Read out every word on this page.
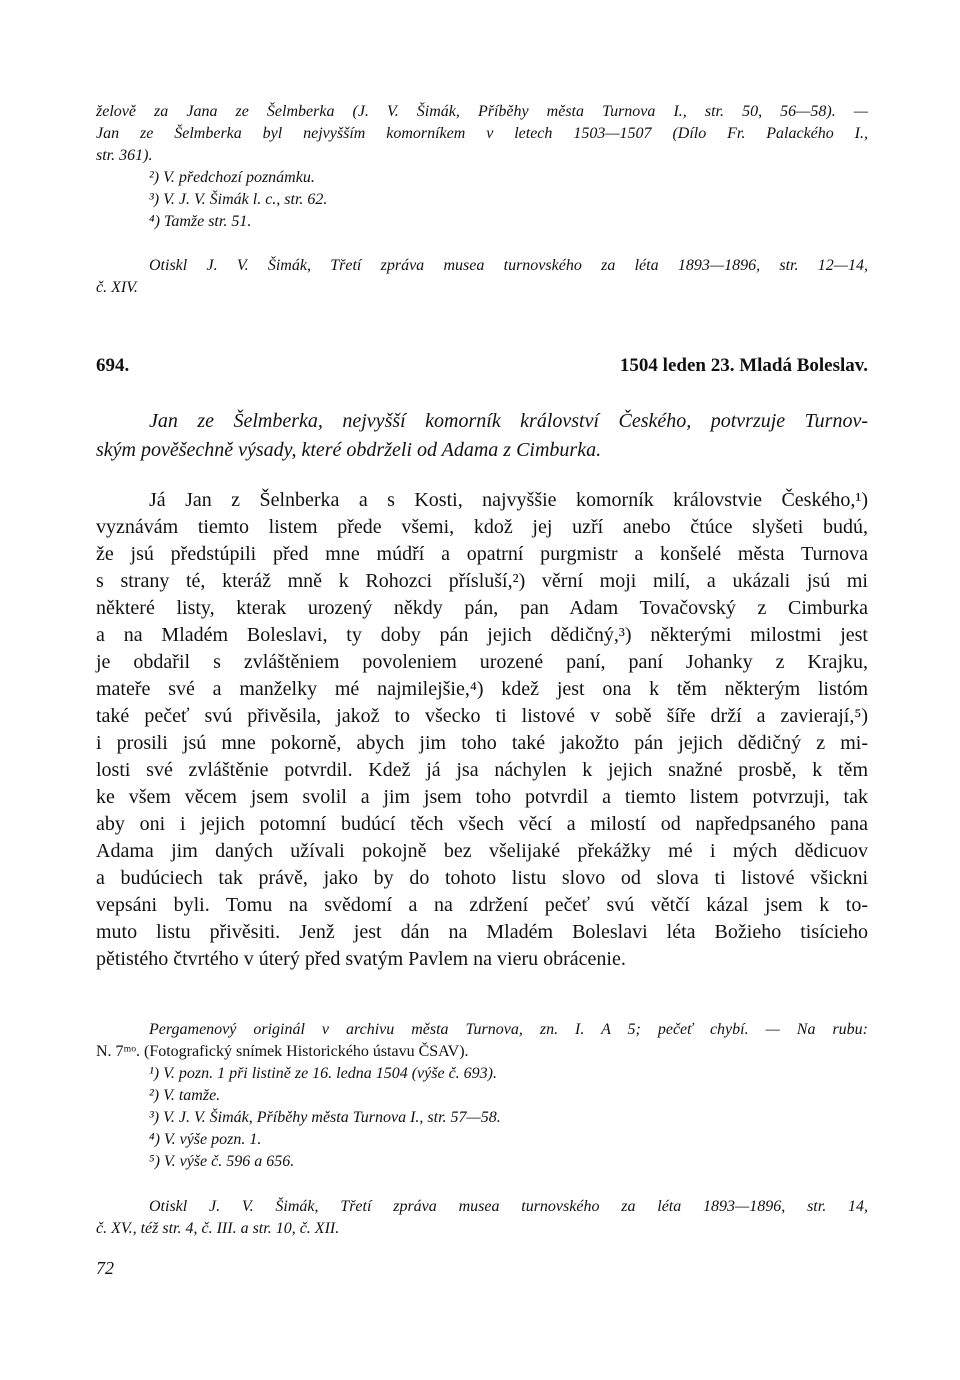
želově za Jana ze Šelmberka (J. V. Šimák, Příběhy města Turnova I., str. 50, 56—58). —
Jan ze Šelmberka byl nejvyšším komorníkem v letech 1503—1507 (Dílo Fr. Palackého I.,
str. 361).
²) V. předchozí poznámku.
³) V. J. V. Šimák l. c., str. 62.
⁴) Tamže str. 51.
Otiskl J. V. Šimák, Třetí zpráva musea turnovského za léta 1893—1896, str. 12—14,
č. XIV.
694.	1504 leden 23. Mladá Boleslav.
Jan ze Šelmberka, nejvyšší komorník království Českého, potvrzuje Turnov-
ským pověšechně výsady, které obdrželi od Adama z Cimburka.
Já Jan z Šelnberka a s Kosti, najvyššie komorník královstvie Českého,¹)
vyznávám tiemto listem přede všemi, kdož jej uzří anebo čtúce slyšeti budú,
že jsú předstúpili před mne múdří a opatrní purgmistr a konšelé města Turnova
s strany té, kteráž mně k Rohozci přísluší,²) věrní moji milí, a ukázali jsú mi
některé listy, kterak urozený někdy pán, pan Adam Tovačovský z Cimburka
a na Mladém Boleslavi, ty doby pán jejich dědičný,³) některými milostmi jest
je obdařil s zvláštěniem povoleniem urozené paní, paní Johanky z Krajku,
mateře své a manželky mé najmilejšie,⁴) kdež jest ona k těm některým listóm
také pečeť svú přivěsila, jakož to všecko ti listové v sobě šíře drží a zavierají,⁵)
i prosili jsú mne pokorně, abych jim toho také jakožto pán jejich dědičný z mi-
losti své zvláštěnie potvrdil. Kdež já jsa náchylen k jejich snažné prosbě, k těm
ke všem věcem jsem svolil a jim jsem toho potvrdil a tiemto listem potvrzuji, tak
aby oni i jejich potomní budúcí těch všech věcí a milostí od napředpsaného pana
Adama jim daných užívali pokojně bez všelijaké překážky mé i mých dědicuov
a budúciech tak právě, jako by do tohoto listu slovo od slova ti listové všickni
vepsáni byli. Tomu na svědomí a na zdržení pečeť svú větčí kázal jsem k to-
muto listu přivěsiti. Jenž jest dán na Mladém Boleslavi léta Božieho tisícieho
pětistého čtvrtého v úterý před svatým Pavlem na vieru obrácenie.
Pergamenový originál v archivu města Turnova, zn. I. A 5; pečeť chybí. — Na rubu:
N. 7ᵐᵒ. (Fotografický snímek Historického ústavu ČSAV).
¹) V. pozn. 1 při listině ze 16. ledna 1504 (výše č. 693).
²) V. tamže.
³) V. J. V. Šimák, Příběhy města Turnova I., str. 57—58.
⁴) V. výše pozn. 1.
⁵) V. výše č. 596 a 656.
Otiskl J. V. Šimák, Třetí zpráva musea turnovského za léta 1893—1896, str. 14,
č. XV., též str. 4, č. III. a str. 10, č. XII.
72
